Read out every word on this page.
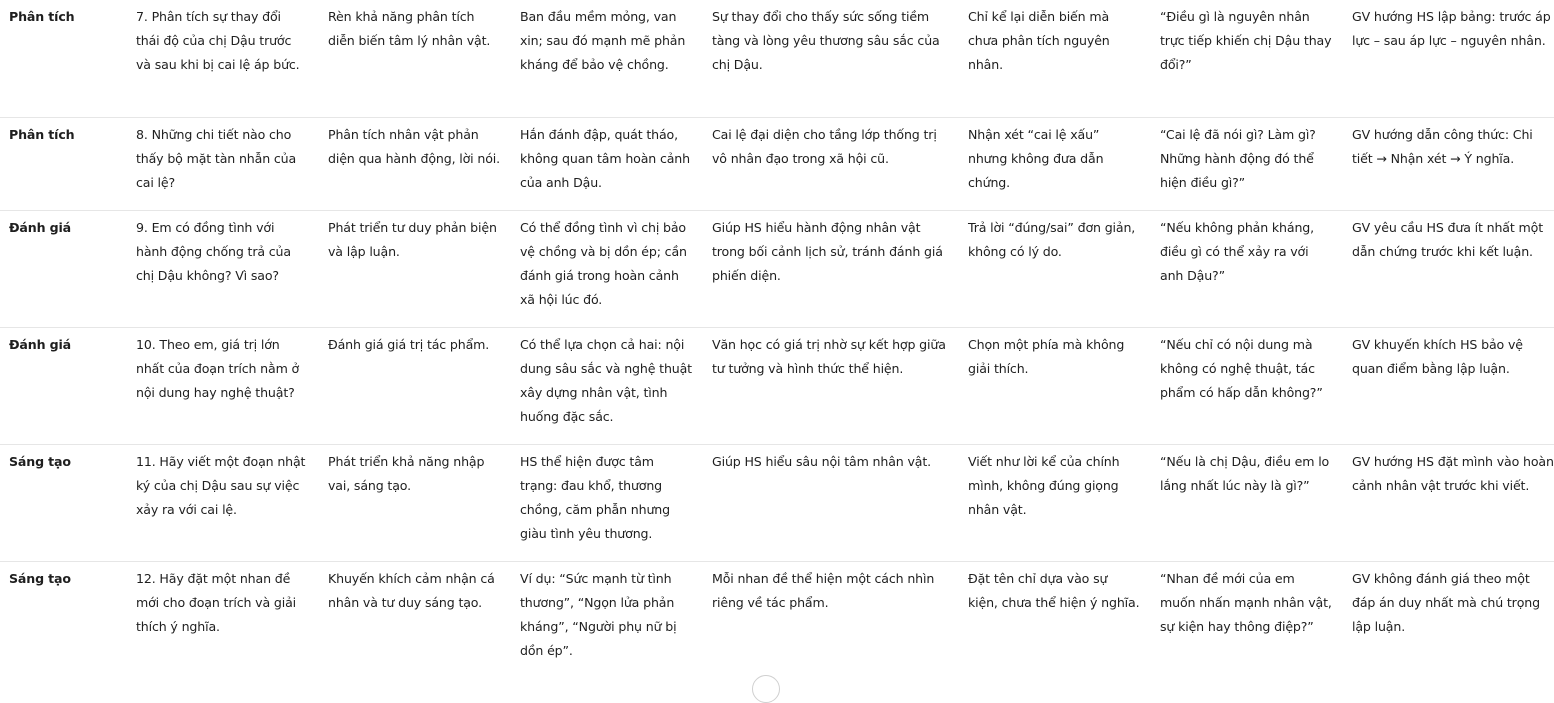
Phân tích	7. Phân tích sự thay đổi thái độ của chị Dậu trước và sau khi bị cai lệ áp bức.	Rèn khả năng phân tích diễn biến tâm lý nhân vật.	Ban đầu mềm mỏng, van xin; sau đó mạnh mẽ phản kháng để bảo vệ chồng.	Sự thay đổi cho thấy sức sống tiềm tàng và lòng yêu thương sâu sắc của chị Dậu.	Chỉ kể lại diễn biến mà chưa phân tích nguyên nhân.	“Điều gì là nguyên nhân trực tiếp khiến chị Dậu thay đổi?”	GV hướng HS lập bảng: trước áp lực – sau áp lực – nguyên nhân.
Phân tích	8. Những chi tiết nào cho thấy bộ mặt tàn nhẫn của cai lệ?	Phân tích nhân vật phản diện qua hành động, lời nói.	Hắn đánh đập, quát tháo, không quan tâm hoàn cảnh của anh Dậu.	Cai lệ đại diện cho tầng lớp thống trị vô nhân đạo trong xã hội cũ.	Nhận xét “cai lệ xấu” nhưng không đưa dẫn chứng.	“Cai lệ đã nói gì? Làm gì? Những hành động đó thể hiện điều gì?”	GV hướng dẫn công thức: Chi tiết → Nhận xét → Ý nghĩa.
Đánh giá	9. Em có đồng tình với hành động chống trả của chị Dậu không? Vì sao?	Phát triển tư duy phản biện và lập luận.	Có thể đồng tình vì chị bảo vệ chồng và bị dồn ép; cần đánh giá trong hoàn cảnh xã hội lúc đó.	Giúp HS hiểu hành động nhân vật trong bối cảnh lịch sử, tránh đánh giá phiến diện.	Trả lời “đúng/sai” đơn giản, không có lý do.	“Nếu không phản kháng, điều gì có thể xảy ra với anh Dậu?”	GV yêu cầu HS đưa ít nhất một dẫn chứng trước khi kết luận.
Đánh giá	10. Theo em, giá trị lớn nhất của đoạn trích nằm ở nội dung hay nghệ thuật?	Đánh giá giá trị tác phẩm.	Có thể lựa chọn cả hai: nội dung sâu sắc và nghệ thuật xây dựng nhân vật, tình huống đặc sắc.	Văn học có giá trị nhờ sự kết hợp giữa tư tưởng và hình thức thể hiện.	Chọn một phía mà không giải thích.	“Nếu chỉ có nội dung mà không có nghệ thuật, tác phẩm có hấp dẫn không?”	GV khuyến khích HS bảo vệ quan điểm bằng lập luận.
Sáng tạo	11. Hãy viết một đoạn nhật ký của chị Dậu sau sự việc xảy ra với cai lệ.	Phát triển khả năng nhập vai, sáng tạo.	HS thể hiện được tâm trạng: đau khổ, thương chồng, căm phẫn nhưng giàu tình yêu thương.	Giúp HS hiểu sâu nội tâm nhân vật.	Viết như lời kể của chính mình, không đúng giọng nhân vật.	“Nếu là chị Dậu, điều em lo lắng nhất lúc này là gì?”	GV hướng HS đặt mình vào hoàn cảnh nhân vật trước khi viết.
Sáng tạo	12. Hãy đặt một nhan đề mới cho đoạn trích và giải thích ý nghĩa.	Khuyến khích cảm nhận cá nhân và tư duy sáng tạo.	Ví dụ: “Sức mạnh từ tình thương”, “Ngọn lửa phản kháng”, “Người phụ nữ bị dồn ép”.	Mỗi nhan đề thể hiện một cách nhìn riêng về tác phẩm.	Đặt tên chỉ dựa vào sự kiện, chưa thể hiện ý nghĩa.	“Nhan đề mới của em muốn nhấn mạnh nhân vật, sự kiện hay thông điệp?”	GV không đánh giá theo một đáp án duy nhất mà chú trọng lập luận.
